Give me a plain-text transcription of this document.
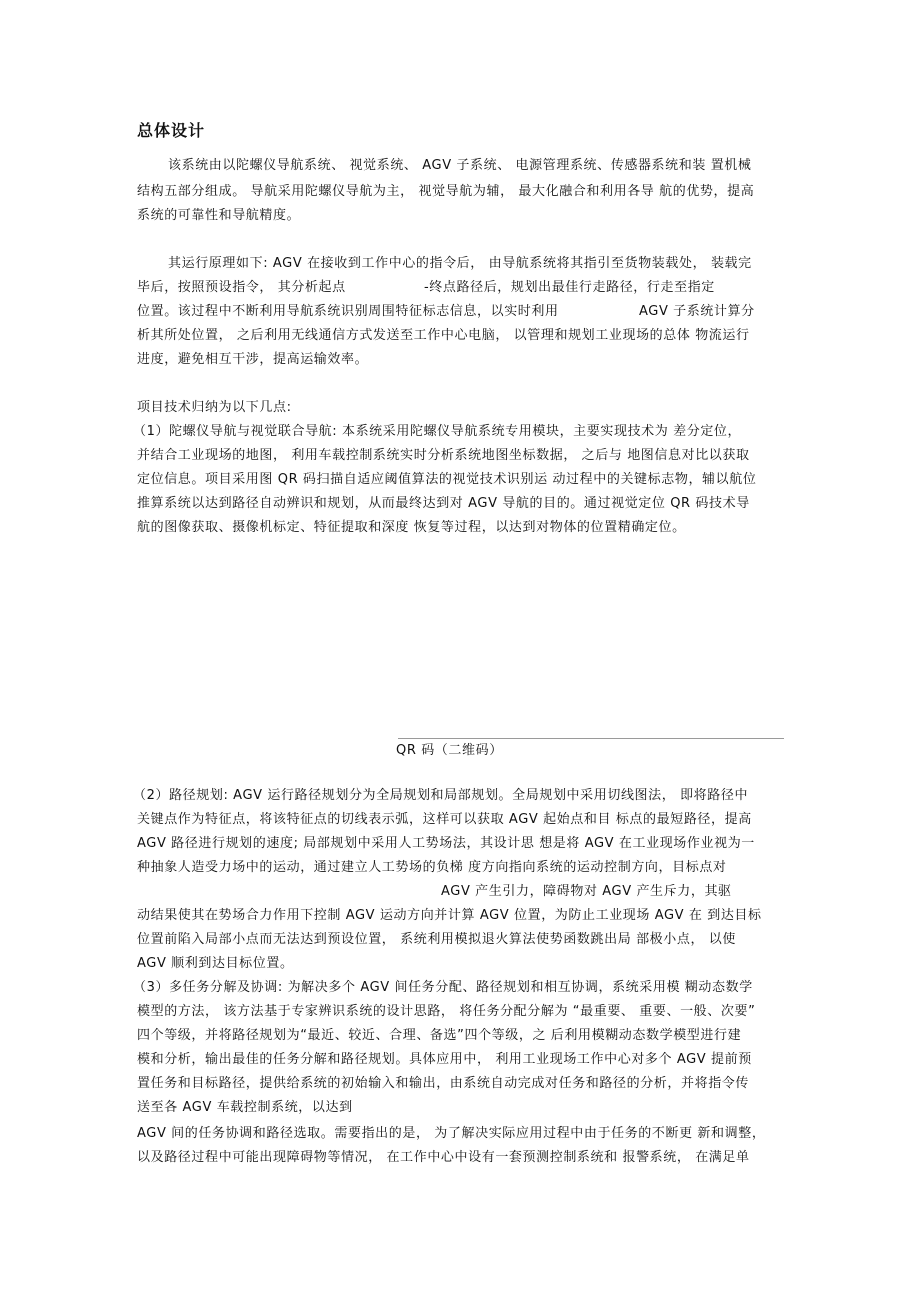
总体设计
该系统由以陀螺仪导航系统、 视觉系统、 AGV 子系统、 电源管理系统、传感器系统和装 置机械
结构五部分组成。 导航采用陀螺仪导航为主， 视觉导航为辅， 最大化融合和利用各导 航的优势，提高
系统的可靠性和导航精度。
其运行原理如下: AGV 在接收到工作中心的指令后， 由导航系统将其指引至货物装载处， 装载完
毕后，按照预设指令， 其分析起点	-终点路径后，规划出最佳行走路径，行走至指定
位置。该过程中不断利用导航系统识别周围特征标志信息，以实时利用	AGV 子系统计算分
析其所处位置， 之后利用无线通信方式发送至工作中心电脑， 以管理和规划工业现场的总体 物流运行
进度，避免相互干涉，提高运输效率。
项目技术归纳为以下几点:
（1）陀螺仪导航与视觉联合导航: 本系统采用陀螺仪导航系统专用模块，主要实现技术为 差分定位，
并结合工业现场的地图， 利用车载控制系统实时分析系统地图坐标数据， 之后与 地图信息对比以获取
定位信息。项目采用图 QR 码扫描自适应阈值算法的视觉技术识别运 动过程中的关键标志物，辅以航位
推算系统以达到路径自动辨识和规划，从而最终达到对 AGV 导航的目的。通过视觉定位 QR 码技术导
航的图像获取、摄像机标定、特征提取和深度 恢复等过程，以达到对物体的位置精确定位。
QR 码（二维码）
（2）路径规划: AGV 运行路径规划分为全局规划和局部规划。全局规划中采用切线图法， 即将路径中
关键点作为特征点，将该特征点的切线表示弧，这样可以获取 AGV 起始点和目 标点的最短路径，提高
AGV 路径进行规划的速度; 局部规划中采用人工势场法，其设计思 想是将 AGV 在工业现场作业视为一
种抽象人造受力场中的运动，通过建立人工势场的负梯 度方向指向系统的运动控制方向，目标点对
AGV 产生引力，障碍物对 AGV 产生斥力，其驱
动结果使其在势场合力作用下控制 AGV 运动方向并计算 AGV 位置，为防止工业现场 AGV 在 到达目标
位置前陷入局部小点而无法达到预设位置， 系统利用模拟退火算法使势函数跳出局 部极小点， 以使
AGV 顺利到达目标位置。
（3）多任务分解及协调: 为解决多个 AGV 间任务分配、路径规划和相互协调，系统采用模 糊动态数学
模型的方法， 该方法基于专家辨识系统的设计思路， 将任务分配分解为 “最重要、 重要、一般、次要”
四个等级，并将路径规划为“最近、较近、合理、备选”四个等级，之 后利用模糊动态数学模型进行建
模和分析，输出最佳的任务分解和路径规划。具体应用中， 利用工业现场工作中心对多个 AGV 提前预
置任务和目标路径，提供给系统的初始输入和输出，由系统自动完成对任务和路径的分析，并将指令传
送至各 AGV 车载控制系统，以达到
AGV 间的任务协调和路径选取。需要指出的是， 为了解决实际应用过程中由于任务的不断更 新和调整，
以及路径过程中可能出现障碍物等情况， 在工作中心中设有一套预测控制系统和 报警系统， 在满足单
